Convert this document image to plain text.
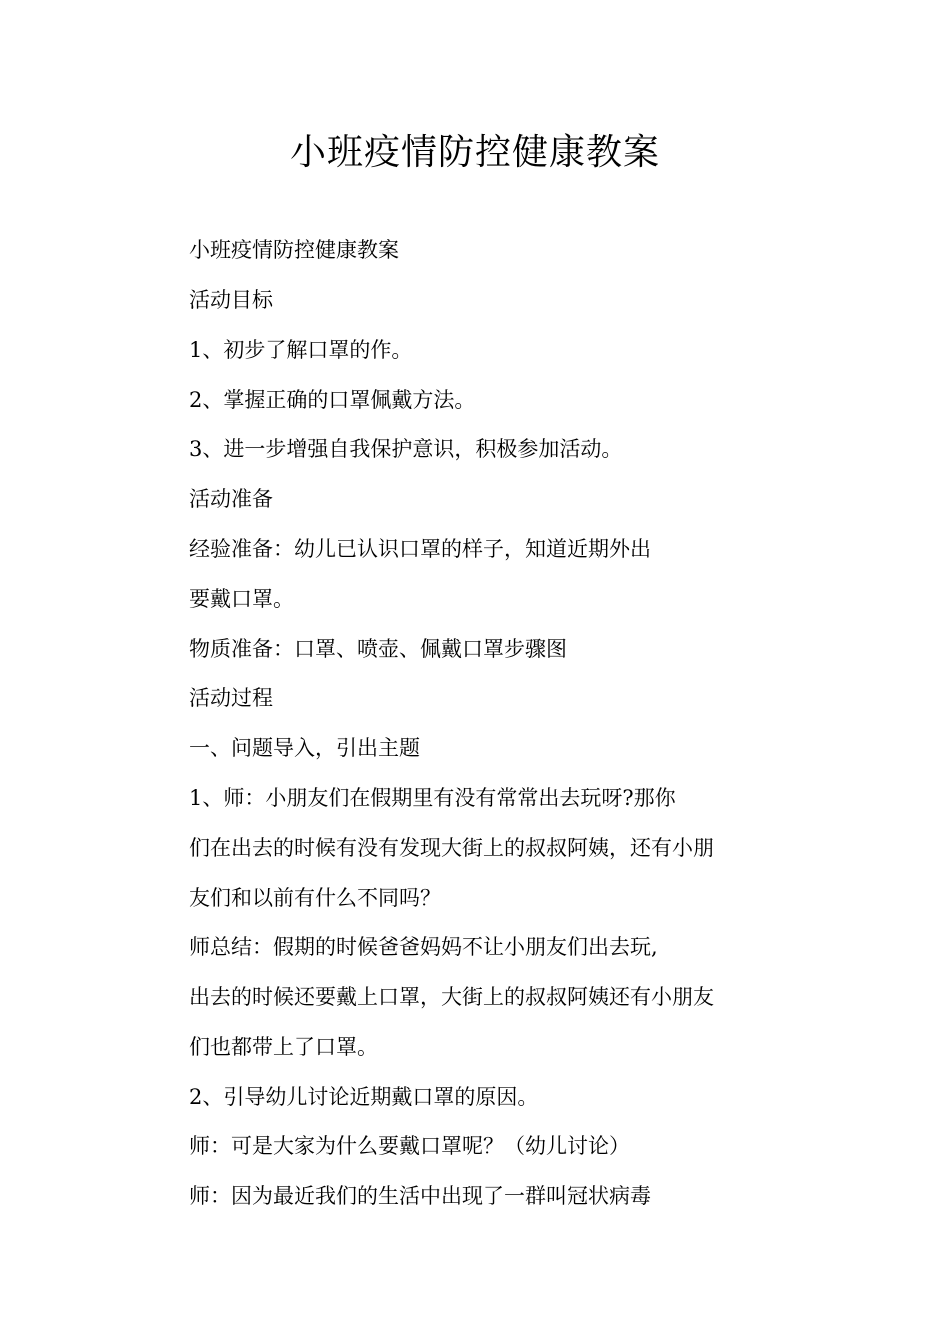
小班疫情防控健康教案

小班疫情防控健康教案

活动目标

1、初步了解口罩的作。

2、掌握正确的口罩佩戴方法。

3、进一步增强自我保护意识，积极参加活动。

活动准备

经验准备：幼儿已认识口罩的样子，知道近期外出

要戴口罩。

物质准备：口罩、喷壶、佩戴口罩步骤图

活动过程

一、问题导入，引出主题

1、师：小朋友们在假期里有没有常常出去玩呀?那你

们在出去的时候有没有发现大街上的叔叔阿姨，还有小朋

友们和以前有什么不同吗？

师总结：假期的时候爸爸妈妈不让小朋友们出去玩,

出去的时候还要戴上口罩，大街上的叔叔阿姨还有小朋友

们也都带上了口罩。

2、引导幼儿讨论近期戴口罩的原因。

师：可是大家为什么要戴口罩呢？（幼儿讨论）

师：因为最近我们的生活中出现了一群叫冠状病毒
